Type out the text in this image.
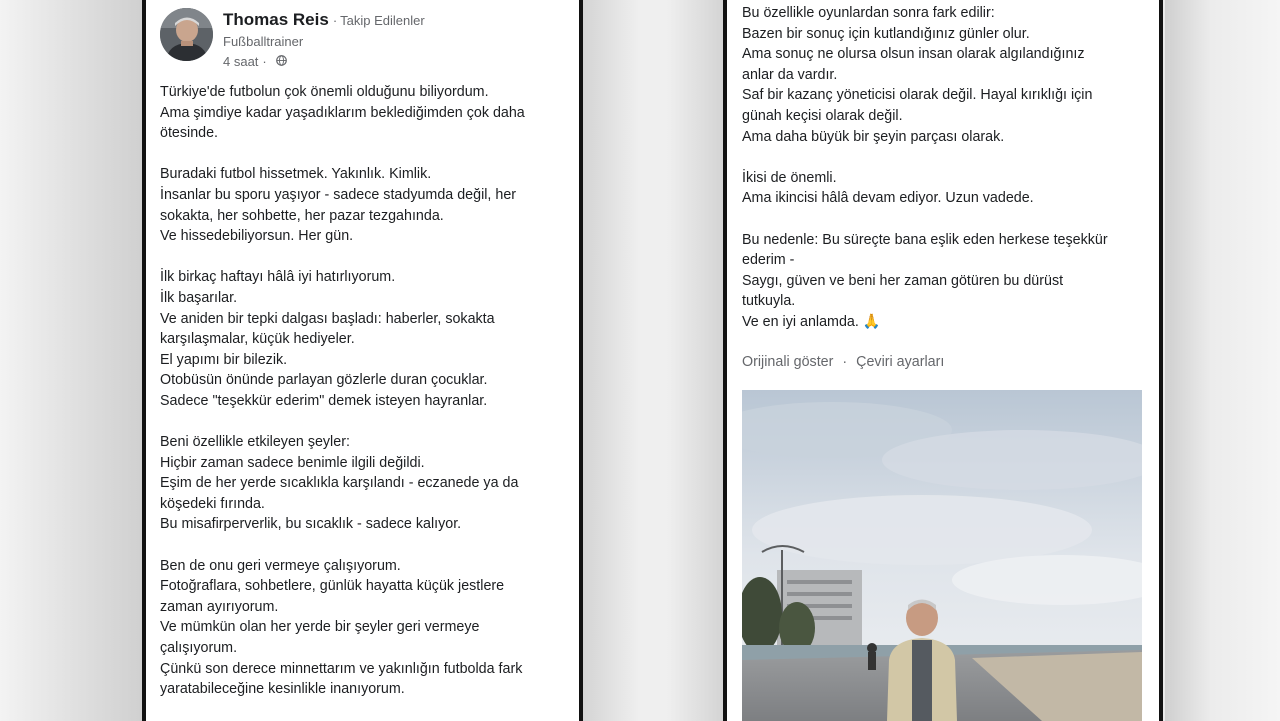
Thomas Reis · Takip Edilenler
Fußballtrainer
4 saat ·

Türkiye'de futbolun çok önemli olduğunu biliyordum.

Ama şimdiye kadar yaşadıklarım beklediğimden çok daha

ötesinde.

Buradaki futbol hissetmek. Yakınlık. Kimlik.

İnsanlar bu sporu yaşıyor - sadece stadyumda değil, her

sokakta, her sohbette, her pazar tezgahında.

Ve hissedebiliyorsun. Her gün.

İlk birkaç haftayı hâlâ iyi hatırlıyorum.

İlk başarılar.

Ve aniden bir tepki dalgası başladı: haberler, sokakta

karşılaşmalar, küçük hediyeler.

El yapımı bir bilezik.

Otobüsün önünde parlayan gözlerle duran çocuklar.

Sadece "teşekkür ederim" demek isteyen hayranlar.

Beni özellikle etkileyen şeyler:

Hiçbir zaman sadece benimle ilgili değildi.

Eşim de her yerde sıcaklıkla karşılandı - eczanede ya da

köşedeki fırında.

Bu misafirperverlik, bu sıcaklık - sadece kalıyor.

Ben de onu geri vermeye çalışıyorum.

Fotoğraflara, sohbetlere, günlük hayatta küçük jestlere

zaman ayırıyorum.

Ve mümkün olan her yerde bir şeyler geri vermeye

çalışıyorum.

Çünkü son derece minnettarım ve yakınlığın futbolda fark

yaratabileceğine kesinlikle inanıyorum.

Bu özellikle oyunlardan sonra fark edilir:

Bazen bir sonuç için kutlandığınız günler olur.

Ama sonuç ne olursa olsun insan olarak algılandığınız

anlar da vardır.

Saf bir kazanç yöneticisi olarak değil. Hayal kırıklığı için

günah keçisi olarak değil.

Ama daha büyük bir şeyin parçası olarak.

İkisi de önemli.

Ama ikincisi hâlâ devam ediyor. Uzun vadede.

Bu nedenle: Bu süreçte bana eşlik eden herkese teşekkür

ederim -

Saygı, güven ve beni her zaman götüren bu dürüst

tutkuyla.

Ve en iyi anlamda. 🙏

Orijinali göster · Çeviri ayarları
